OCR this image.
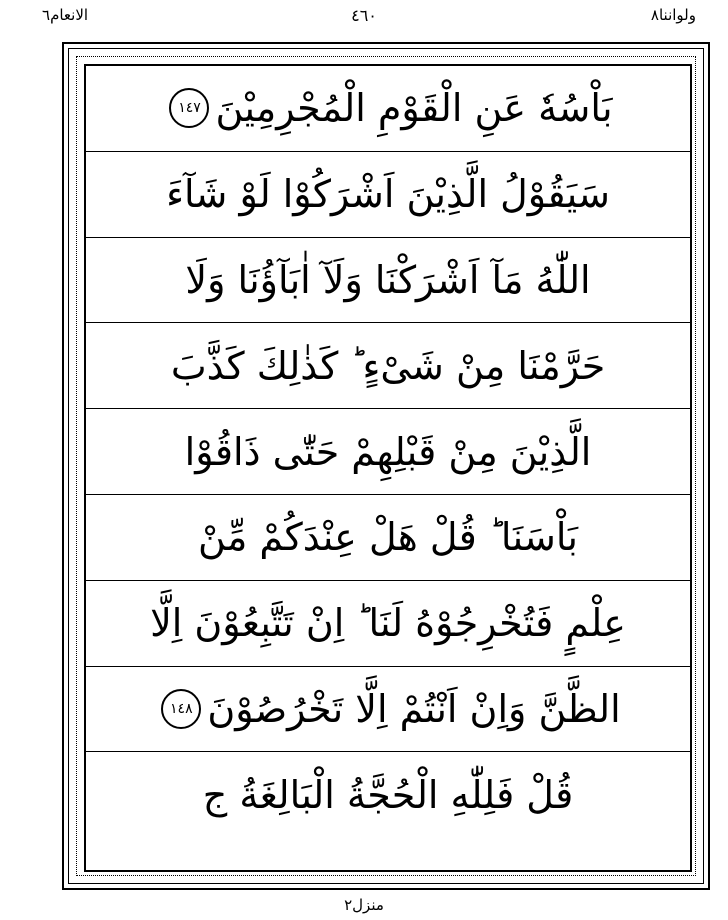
ولواننا٨
٤٦٠
الانعام٦
بَاْسُهٗ عَنِ الْقَوْمِ الْمُجْرِمِیْنَ
١٤٧
سَیَقُوْلُ الَّذِیْنَ اَشْرَكُوْا لَوْ شَآءَ
اللّٰهُ مَآ اَشْرَكْنَا وَلَآ اٰبَآؤُنَا وَلَا
حَرَّمْنَا مِنْ شَیْءٍ ؕ كَذٰلِكَ كَذَّبَ
الَّذِیْنَ مِنْ قَبْلِهِمْ حَتّٰی ذَاقُوْا
بَاْسَنَا ؕ قُلْ هَلْ عِنْدَكُمْ مِّنْ
عِلْمٍ فَتُخْرِجُوْهُ لَنَا ؕ اِنْ تَتَّبِعُوْنَ اِلَّا
الظَّنَّ وَاِنْ اَنْتُمْ اِلَّا تَخْرُصُوْنَ
١٤٨
قُلْ فَلِلّٰهِ الْحُجَّةُ الْبَالِغَةُ ج
منزل٢
